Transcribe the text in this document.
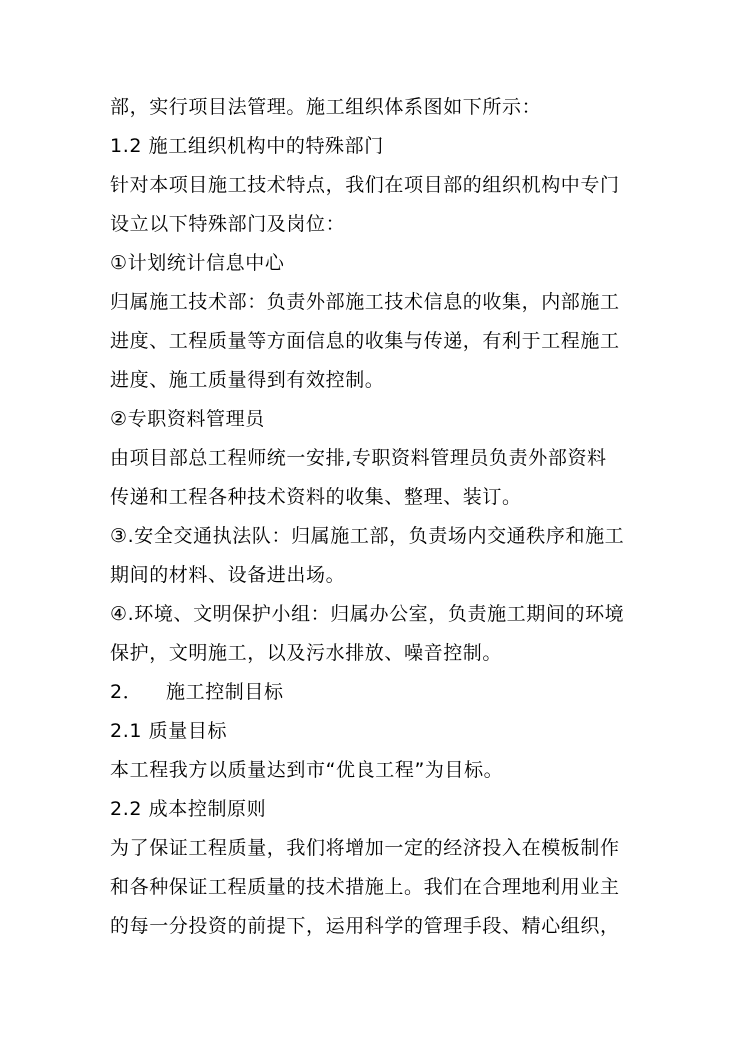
部，实行项目法管理。施工组织体系图如下所示：
1.2 施工组织机构中的特殊部门
针对本项目施工技术特点，我们在项目部的组织机构中专门
设立以下特殊部门及岗位：
①计划统计信息中心
归属施工技术部：负责外部施工技术信息的收集，内部施工
进度、工程质量等方面信息的收集与传递，有利于工程施工
进度、施工质量得到有效控制。
②专职资料管理员
由项目部总工程师统一安排,专职资料管理员负责外部资料
传递和工程各种技术资料的收集、整理、装订。
③.安全交通执法队：归属施工部，负责场内交通秩序和施工
期间的材料、设备进出场。
④.环境、文明保护小组：归属办公室，负责施工期间的环境
保护，文明施工，以及污水排放、噪音控制。
2． 施工控制目标
2.1 质量目标
本工程我方以质量达到市“优良工程”为目标。
2.2 成本控制原则
为了保证工程质量，我们将增加一定的经济投入在模板制作
和各种保证工程质量的技术措施上。我们在合理地利用业主
的每一分投资的前提下，运用科学的管理手段、精心组织，
